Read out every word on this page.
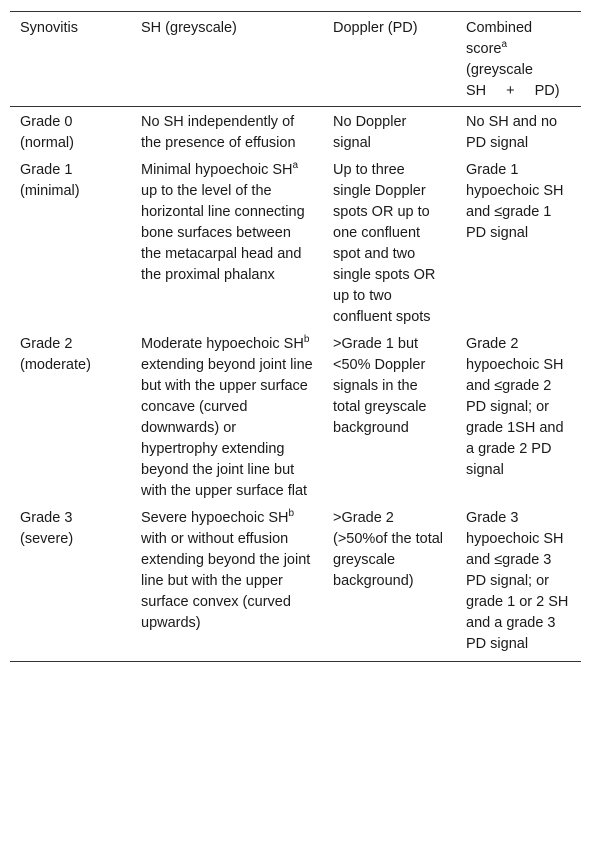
Synovitis	SH (greyscale)	Doppler (PD)	Combined score$^a$
(greyscale
SH + PD)
Grade 0 (normal)	No SH independently of the presence of effusion	No Doppler signal	No SH and no PD signal
Grade 1 (minimal)	Minimal hypoechoic $SH^a$ up to the level of the horizontal line connecting bone surfaces between the metacarpal head and the proximal phalanx	Up to three single Doppler spots OR up to one confluent spot and two single spots OR up to two confluent spots	Grade 1 hypoechoic SH and ≤grade 1 PD signal
Grade 2 (moderate)	Moderate hypoechoic $SH^b$ extending beyond joint line but with the upper surface concave (curved downwards) or hypertrophy extending beyond the joint line but with the upper surface flat	>Grade 1 but <50% Doppler signals in the total greyscale background	Grade 2 hypoechoic SH and ≤grade 2 PD signal; or grade 1SH and a grade 2 PD signal
Grade 3 (severe)	Severe hypoechoic $SH^b$ with or without effusion extending beyond the joint line but with the upper surface convex (curved upwards)	>Grade 2 (>50%of the total greyscale background)	Grade 3 hypoechoic SH and ≤grade 3 PD signal; or grade 1 or 2 SH and a grade 3 PD signal
